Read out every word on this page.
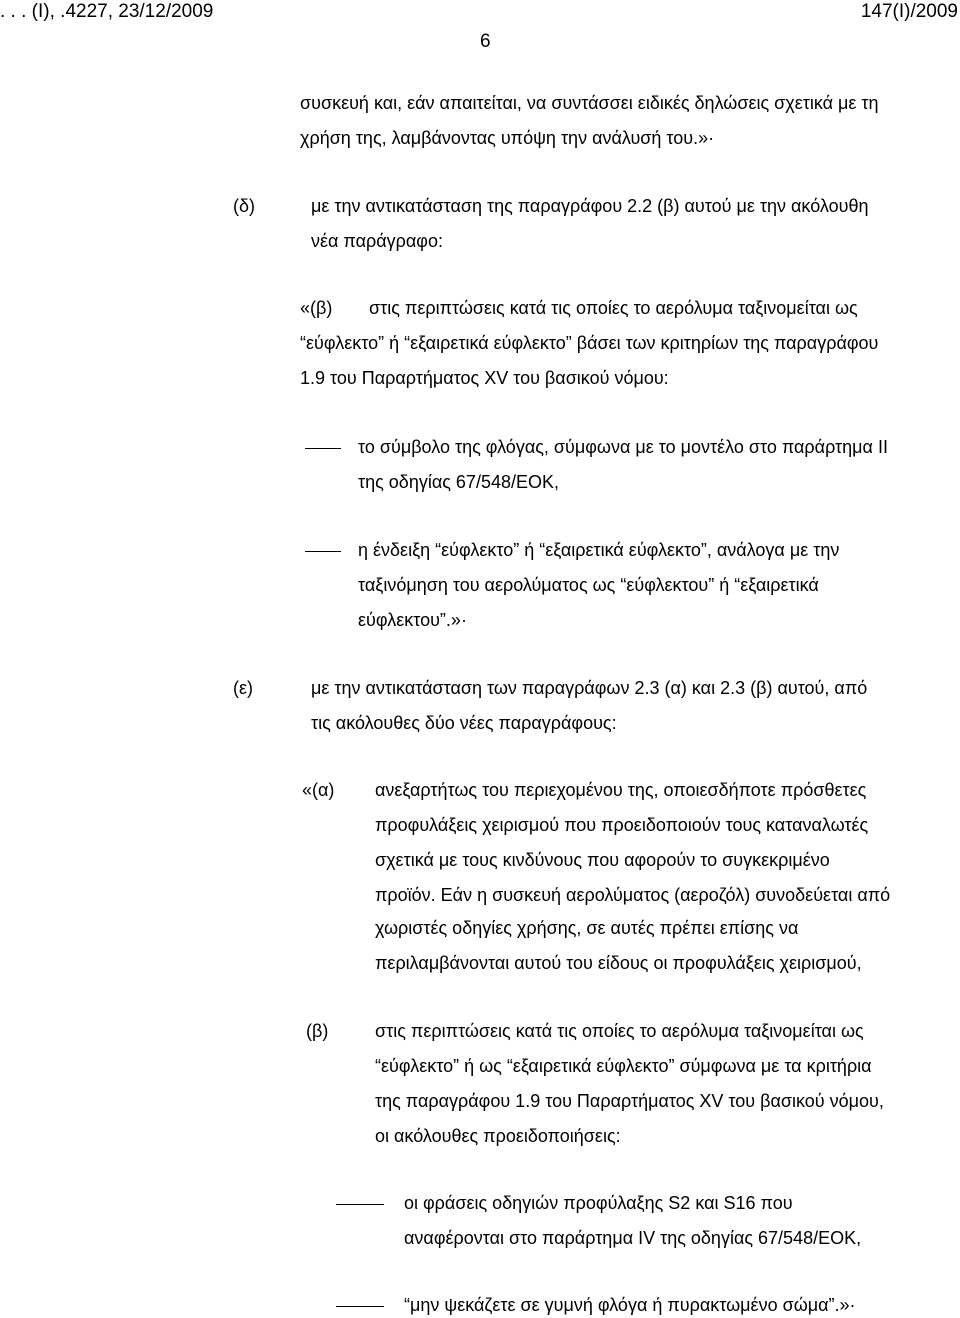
. . . (Ι), .4227, 23/12/2009	147(Ι)/2009
6
συσκευή και, εάν απαιτείται, να συντάσσει ειδικές δηλώσεις σχετικά με τη
χρήση της, λαμβάνοντας υπόψη την ανάλυσή του.»·
(δ)	με την αντικατάσταση της παραγράφου 2.2 (β) αυτού με την ακόλουθη
νέα παράγραφο:
«(β) στις περιπτώσεις κατά τις οποίες το αερόλυμα ταξινομείται ως
“εύφλεκτο” ή “εξαιρετικά εύφλεκτο” βάσει των κριτηρίων της παραγράφου
1.9 του Παραρτήματος XV του βασικού νόμου:
το σύμβολο της φλόγας, σύμφωνα με το μοντέλο στο παράρτημα II
της οδηγίας 67/548/ΕΟΚ,
η ένδειξη “εύφλεκτο” ή “εξαιρετικά εύφλεκτο”, ανάλογα με την
ταξινόμηση του αερολύματος ως “εύφλεκτου” ή “εξαιρετικά
εύφλεκτου”.»·
(ε)	με την αντικατάσταση των παραγράφων 2.3 (α) και 2.3 (β) αυτού, από
τις ακόλουθες δύο νέες παραγράφους:
«(α) ανεξαρτήτως του περιεχομένου της, οποιεσδήποτε πρόσθετες
προφυλάξεις χειρισμού που προειδοποιούν τους καταναλωτές
σχετικά με τους κινδύνους που αφορούν το συγκεκριμένο
προϊόν. Εάν η συσκευή αερολύματος (αεροζόλ) συνοδεύεται από
χωριστές οδηγίες χρήσης, σε αυτές πρέπει επίσης να
περιλαμβάνονται αυτού του είδους οι προφυλάξεις χειρισμού,
(β)	στις περιπτώσεις κατά τις οποίες το αερόλυμα ταξινομείται ως
“εύφλεκτο” ή ως “εξαιρετικά εύφλεκτο” σύμφωνα με τα κριτήρια
της παραγράφου 1.9 του Παραρτήματος XV του βασικού νόμου,
οι ακόλουθες προειδοποιήσεις:
οι φράσεις οδηγιών προφύλαξης S2 και S16 που
αναφέρονται στο παράρτημα IV της οδηγίας 67/548/ΕΟΚ,
“μην ψεκάζετε σε γυμνή φλόγα ή πυρακτωμένο σώμα”.»·
